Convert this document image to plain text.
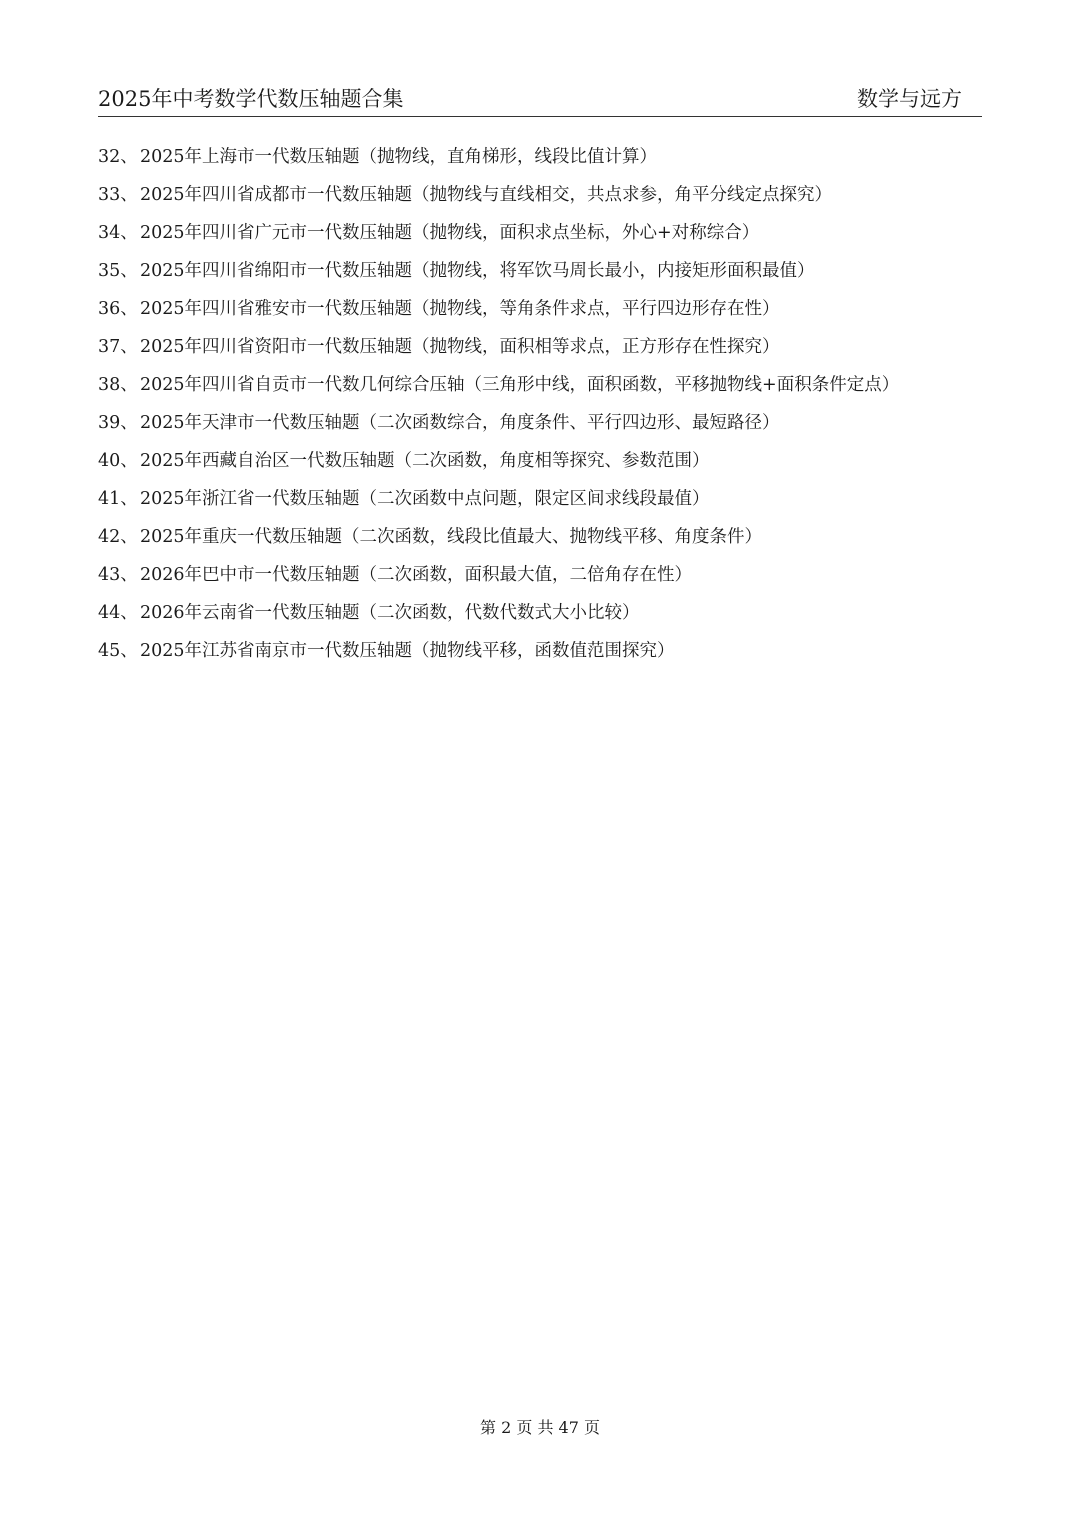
2025年中考数学代数压轴题合集	数学与远方
32、 2025年上海市一代数压轴题（抛物线，直角梯形，线段比值计算）
33、 2025年四川省成都市一代数压轴题（抛物线与直线相交，共点求参，角平分线定点探究）
34、 2025年四川省广元市一代数压轴题（抛物线，面积求点坐标，外心+对称综合）
35、 2025年四川省绵阳市一代数压轴题（抛物线，将军饮马周长最小，内接矩形面积最值）
36、 2025年四川省雅安市一代数压轴题（抛物线，等角条件求点，平行四边形存在性）
37、 2025年四川省资阳市一代数压轴题（抛物线，面积相等求点，正方形存在性探究）
38、 2025年四川省自贡市一代数几何综合压轴（三角形中线，面积函数，平移抛物线+面积条件定点）
39、 2025年天津市一代数压轴题（二次函数综合，角度条件、平行四边形、最短路径）
40、 2025年西藏自治区一代数压轴题（二次函数，角度相等探究、参数范围）
41、 2025年浙江省一代数压轴题（二次函数中点问题，限定区间求线段最值）
42、 2025年重庆一代数压轴题（二次函数，线段比值最大、抛物线平移、角度条件）
43、 2026年巴中市一代数压轴题（二次函数，面积最大值，二倍角存在性）
44、 2026年云南省一代数压轴题（二次函数，代数代数式大小比较）
45、 2025年江苏省南京市一代数压轴题（抛物线平移，函数值范围探究）
第 2 页 共 47 页
